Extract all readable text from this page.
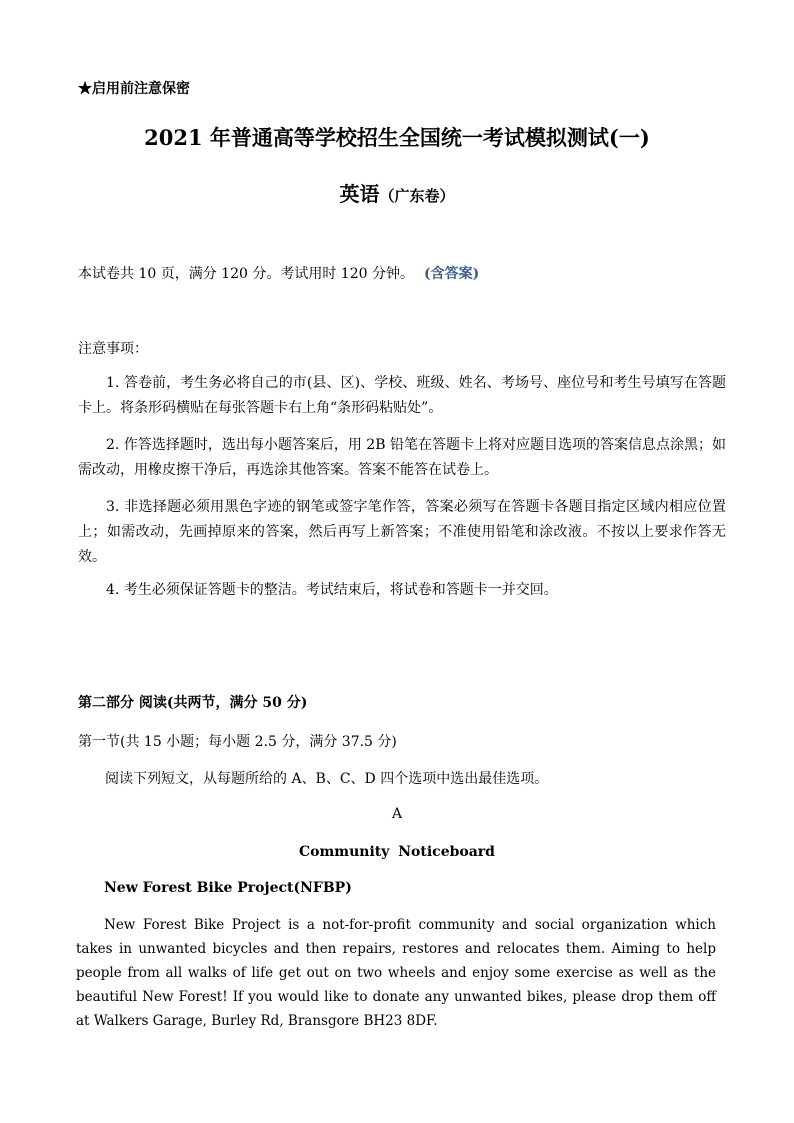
★启用前注意保密
2021 年普通高等学校招生全国统一考试模拟测试(一)
英语（广东卷）
本试卷共 10 页，满分 120 分。考试用时 120 分钟。 (含答案)
注意事项：
1. 答卷前，考生务必将自己的市(县、区)、学校、班级、姓名、考场号、座位号和考生号填写在答题卡上。将条形码横贴在每张答题卡右上角“条形码粘贴处”。
2. 作答选择题时，选出每小题答案后，用 2B 铅笔在答题卡上将对应题目选项的答案信息点涂黑；如需改动，用橡皮擦干净后，再选涂其他答案。答案不能答在试卷上。
3. 非选择题必须用黑色字迹的钢笔或签字笔作答，答案必须写在答题卡各题目指定区域内相应位置上；如需改动，先画掉原来的答案，然后再写上新答案；不准使用铅笔和涂改液。不按以上要求作答无效。
4. 考生必须保证答题卡的整洁。考试结束后，将试卷和答题卡一并交回。
第二部分 阅读(共两节，满分 50 分)
第一节(共 15 小题；每小题 2.5 分，满分 37.5 分)
阅读下列短文，从每题所给的 A、B、C、D 四个选项中选出最佳选项。
A
Community Noticeboard
New Forest Bike Project(NFBP)
New Forest Bike Project is a not-for-profit community and social organization which takes in unwanted bicycles and then repairs, restores and relocates them. Aiming to help people from all walks of life get out on two wheels and enjoy some exercise as well as the beautiful New Forest! If you would like to donate any unwanted bikes, please drop them off at Walkers Garage, Burley Rd, Bransgore BH23 8DF.
